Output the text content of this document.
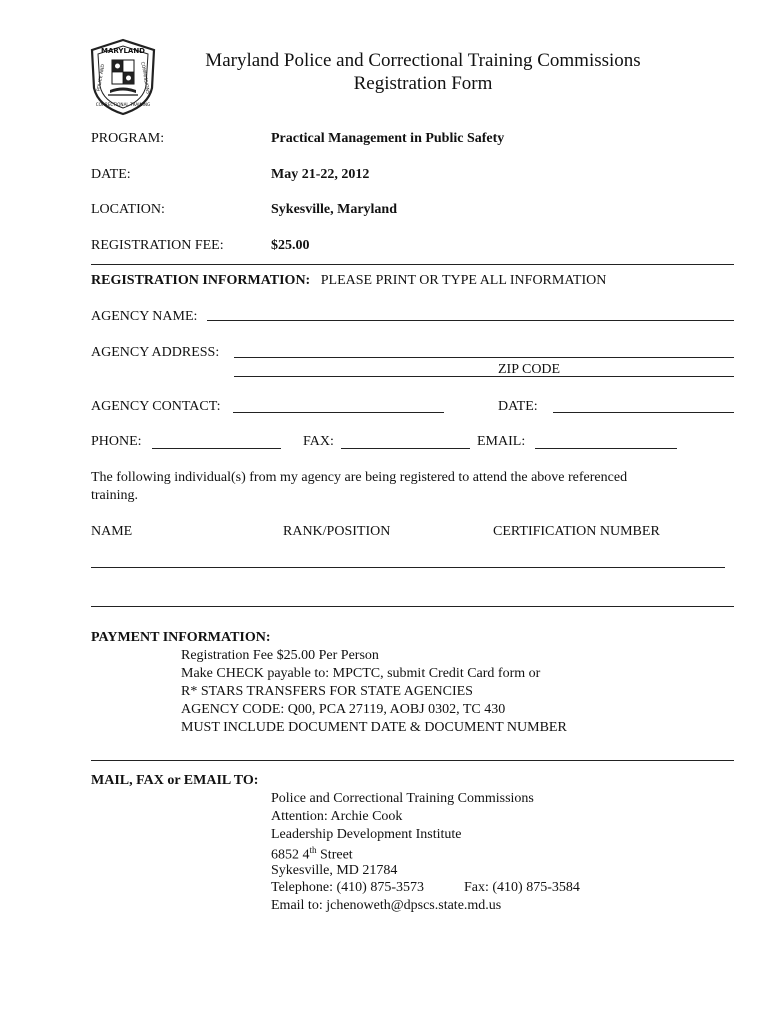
MARYLAND
POLICE AND	COMMISSIONS
CORRECTIONAL TRAINING
Maryland Police and Correctional Training Commissions
Registration Form
PROGRAM:	Practical Management in Public Safety
DATE:	May 21-22, 2012
LOCATION:	Sykesville, Maryland
REGISTRATION FEE:	$25.00
REGISTRATION INFORMATION: PLEASE PRINT OR TYPE ALL INFORMATION
AGENCY NAME:
AGENCY ADDRESS:
ZIP CODE
AGENCY CONTACT:	DATE:
PHONE:	FAX:	EMAIL:
The following individual(s) from my agency are being registered to attend the above referenced
training.
NAME	RANK/POSITION	CERTIFICATION NUMBER
PAYMENT INFORMATION:
Registration Fee $25.00 Per Person
Make CHECK payable to: MPCTC, submit Credit Card form or
R* STARS TRANSFERS FOR STATE AGENCIES
AGENCY CODE: Q00, PCA 27119, AOBJ 0302, TC 430
MUST INCLUDE DOCUMENT DATE & DOCUMENT NUMBER
MAIL, FAX or EMAIL TO:
Police and Correctional Training Commissions
Attention: Archie Cook
Leadership Development Institute
6852 4th Street
Sykesville, MD 21784
Telephone: (410) 875-3573	Fax: (410) 875-3584
Email to: jchenoweth@dpscs.state.md.us
